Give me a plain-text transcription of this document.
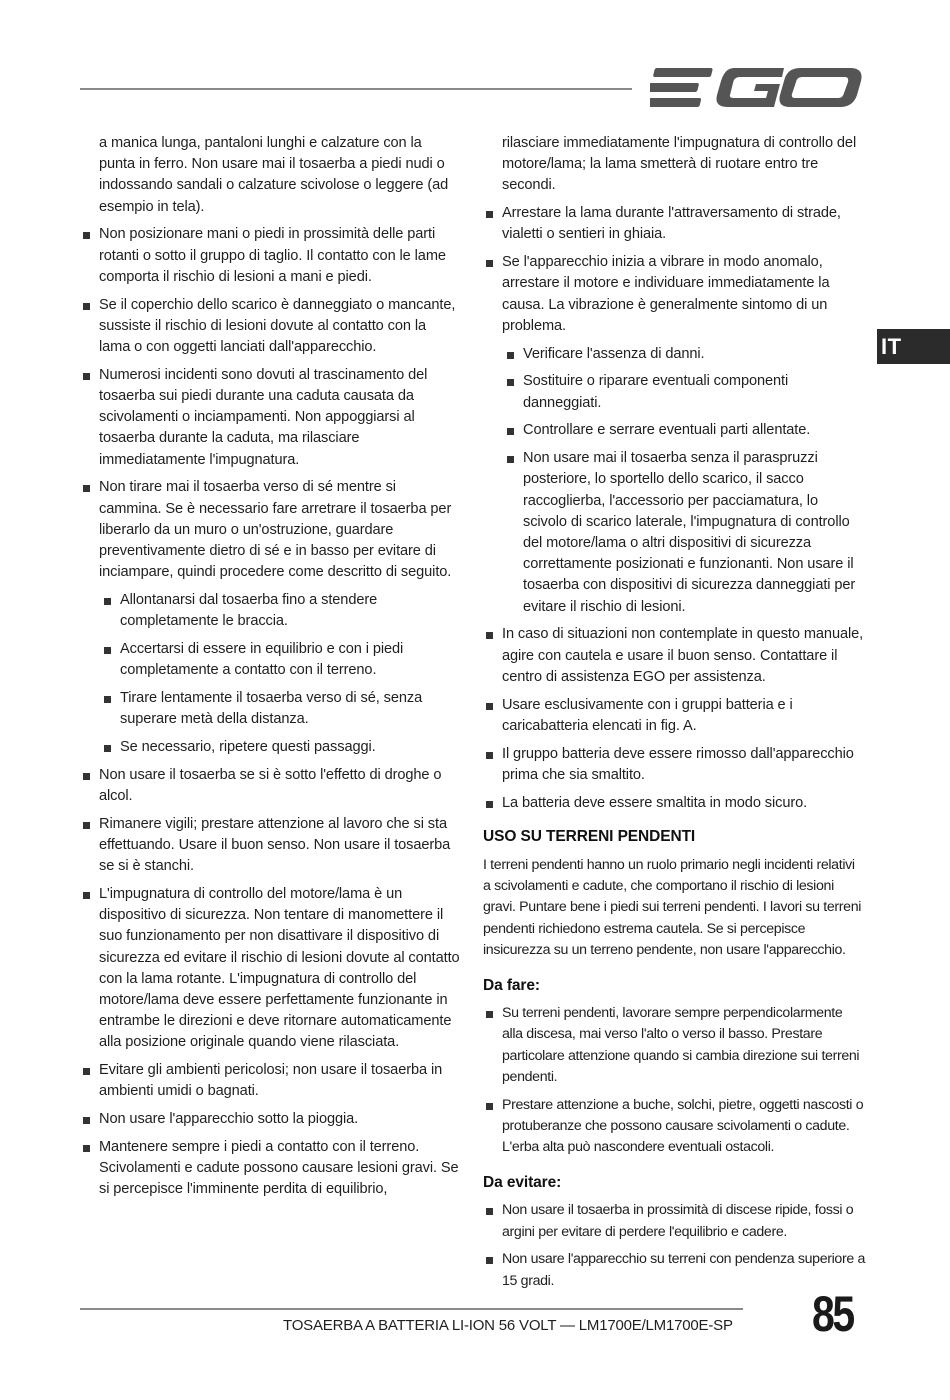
IT

a manica lunga, pantaloni lunghi e calzature con la punta in ferro. Non usare mai il tosaerba a piedi nudi o indossando sandali o calzature scivolose o leggere (ad esempio in tela).

Non posizionare mani o piedi in prossimità delle parti rotanti o sotto il gruppo di taglio. Il contatto con le lame comporta il rischio di lesioni a mani e piedi.
Se il coperchio dello scarico è danneggiato o mancante, sussiste il rischio di lesioni dovute al contatto con la lama o con oggetti lanciati dall'apparecchio.
Numerosi incidenti sono dovuti al trascinamento del tosaerba sui piedi durante una caduta causata da scivolamenti o inciampamenti. Non appoggiarsi al tosaerba durante la caduta, ma rilasciare immediatamente l'impugnatura.
Non tirare mai il tosaerba verso di sé mentre si cammina. Se è necessario fare arretrare il tosaerba per liberarlo da un muro o un'ostruzione, guardare preventivamente dietro di sé e in basso per evitare di inciampare, quindi procedere come descritto di seguito.
Allontanarsi dal tosaerba fino a stendere completamente le braccia.
Accertarsi di essere in equilibrio e con i piedi completamente a contatto con il terreno.
Tirare lentamente il tosaerba verso di sé, senza superare metà della distanza.
Se necessario, ripetere questi passaggi.
Non usare il tosaerba se si è sotto l'effetto di droghe o alcol.
Rimanere vigili; prestare attenzione al lavoro che si sta effettuando. Usare il buon senso. Non usare il tosaerba se si è stanchi.
L'impugnatura di controllo del motore/lama è un dispositivo di sicurezza. Non tentare di manomettere il suo funzionamento per non disattivare il dispositivo di sicurezza ed evitare il rischio di lesioni dovute al contatto con la lama rotante. L'impugnatura di controllo del motore/lama deve essere perfettamente funzionante in entrambe le direzioni e deve ritornare automaticamente alla posizione originale quando viene rilasciata.
Evitare gli ambienti pericolosi; non usare il tosaerba in ambienti umidi o bagnati.
Non usare l'apparecchio sotto la pioggia.
Mantenere sempre i piedi a contatto con il terreno. Scivolamenti e cadute possono causare lesioni gravi. Se si percepisce l'imminente perdita di equilibrio,

rilasciare immediatamente l'impugnatura di controllo del motore/lama; la lama smetterà di ruotare entro tre secondi.

Arrestare la lama durante l'attraversamento di strade, vialetti o sentieri in ghiaia.
Se l'apparecchio inizia a vibrare in modo anomalo, arrestare il motore e individuare immediatamente la causa. La vibrazione è generalmente sintomo di un problema.
Verificare l'assenza di danni.
Sostituire o riparare eventuali componenti danneggiati.
Controllare e serrare eventuali parti allentate.
Non usare mai il tosaerba senza il paraspruzzi posteriore, lo sportello dello scarico, il sacco raccoglierba, l'accessorio per pacciamatura, lo scivolo di scarico laterale, l'impugnatura di controllo del motore/lama o altri dispositivi di sicurezza correttamente posizionati e funzionanti. Non usare il tosaerba con dispositivi di sicurezza danneggiati per evitare il rischio di lesioni.
In caso di situazioni non contemplate in questo manuale, agire con cautela e usare il buon senso. Contattare il centro di assistenza EGO per assistenza.
Usare esclusivamente con i gruppi batteria e i caricabatteria elencati in fig. A.
Il gruppo batteria deve essere rimosso dall'apparecchio prima che sia smaltito.
La batteria deve essere smaltita in modo sicuro.
USO SU TERRENI PENDENTI

I terreni pendenti hanno un ruolo primario negli incidenti relativi a scivolamenti e cadute, che comportano il rischio di lesioni gravi. Puntare bene i piedi sui terreni pendenti. I lavori su terreni pendenti richiedono estrema cautela. Se si percepisce insicurezza su un terreno pendente, non usare l'apparecchio.

Da fare:
Su terreni pendenti, lavorare sempre perpendicolarmente alla discesa, mai verso l'alto o verso il basso. Prestare particolare attenzione quando si cambia direzione sui terreni pendenti.
Prestare attenzione a buche, solchi, pietre, oggetti nascosti o protuberanze che possono causare scivolamenti o cadute. L'erba alta può nascondere eventuali ostacoli.
Da evitare:
Non usare il tosaerba in prossimità di discese ripide, fossi o argini per evitare di perdere l'equilibrio e cadere.
Non usare l'apparecchio su terreni con pendenza superiore a 15 gradi.
TOSAERBA A BATTERIA LI-ION 56 VOLT — LM1700E/LM1700E-SP 85
